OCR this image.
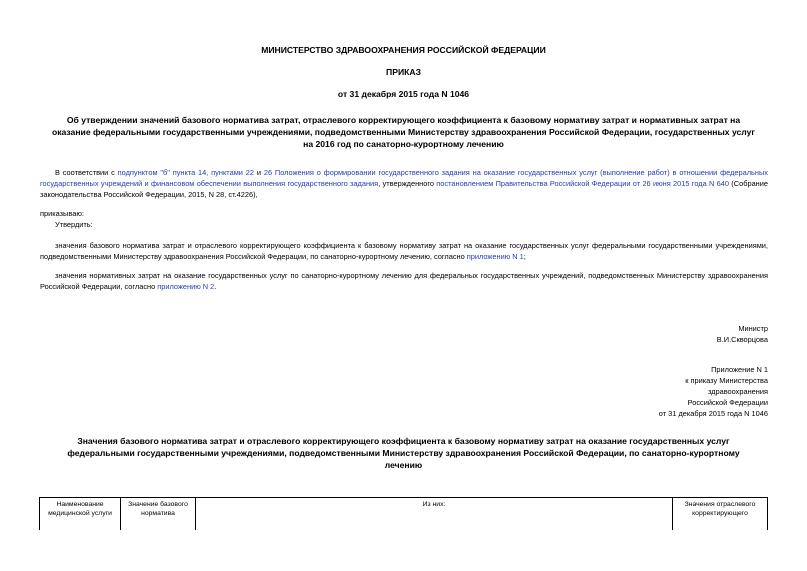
МИНИСТЕРСТВО ЗДРАВООХРАНЕНИЯ РОССИЙСКОЙ ФЕДЕРАЦИИ
ПРИКАЗ
от 31 декабря 2015 года N 1046
Об утверждении значений базового норматива затрат, отраслевого корректирующего коэффициента к базовому нормативу затрат и нормативных затрат на
оказание федеральными государственными учреждениями, подведомственными Министерству здравоохранения Российской Федерации, государственных услуг
на 2016 год по санаторно-курортному лечению
В соответствии с подпунктом "б" пункта 14, пунктами 22 и 26 Положения о формировании государственного задания на оказание государственных услуг (выполнение работ) в отношении федеральных государственных учреждений и финансовом обеспечении выполнения государственного задания, утвержденного постановлением Правительства Российской Федерации от 26 июня 2015 года N 640 (Собрание законодательства Российской Федерации, 2015, N 28, ст.4226),
приказываю:
Утвердить:
значения базового норматива затрат и отраслевого корректирующего коэффициента к базовому нормативу затрат на оказание государственных услуг федеральными государственными учреждениями, подведомственными Министерству здравоохранения Российской Федерации, по санаторно-курортному лечению, согласно приложению N 1;
значения нормативных затрат на оказание государственных услуг по санаторно-курортному лечению для федеральных государственных учреждений, подведомственных Министерству здравоохранения Российской Федерации, согласно приложению N 2.
Министр
В.И.Скворцова
Приложение N 1
к приказу Министерства
здравоохранения
Российской Федерации
от 31 декабря 2015 года N 1046
Значения базового норматива затрат и отраслевого корректирующего коэффициента к базовому нормативу затрат на оказание государственных услуг
федеральными государственными учреждениями, подведомственными Министерству здравоохранения Российской Федерации, по санаторно-курортному
лечению
Наименование медицинской услуги	Значение базового норматива	Из них:	Значения отраслевого корректирующего
